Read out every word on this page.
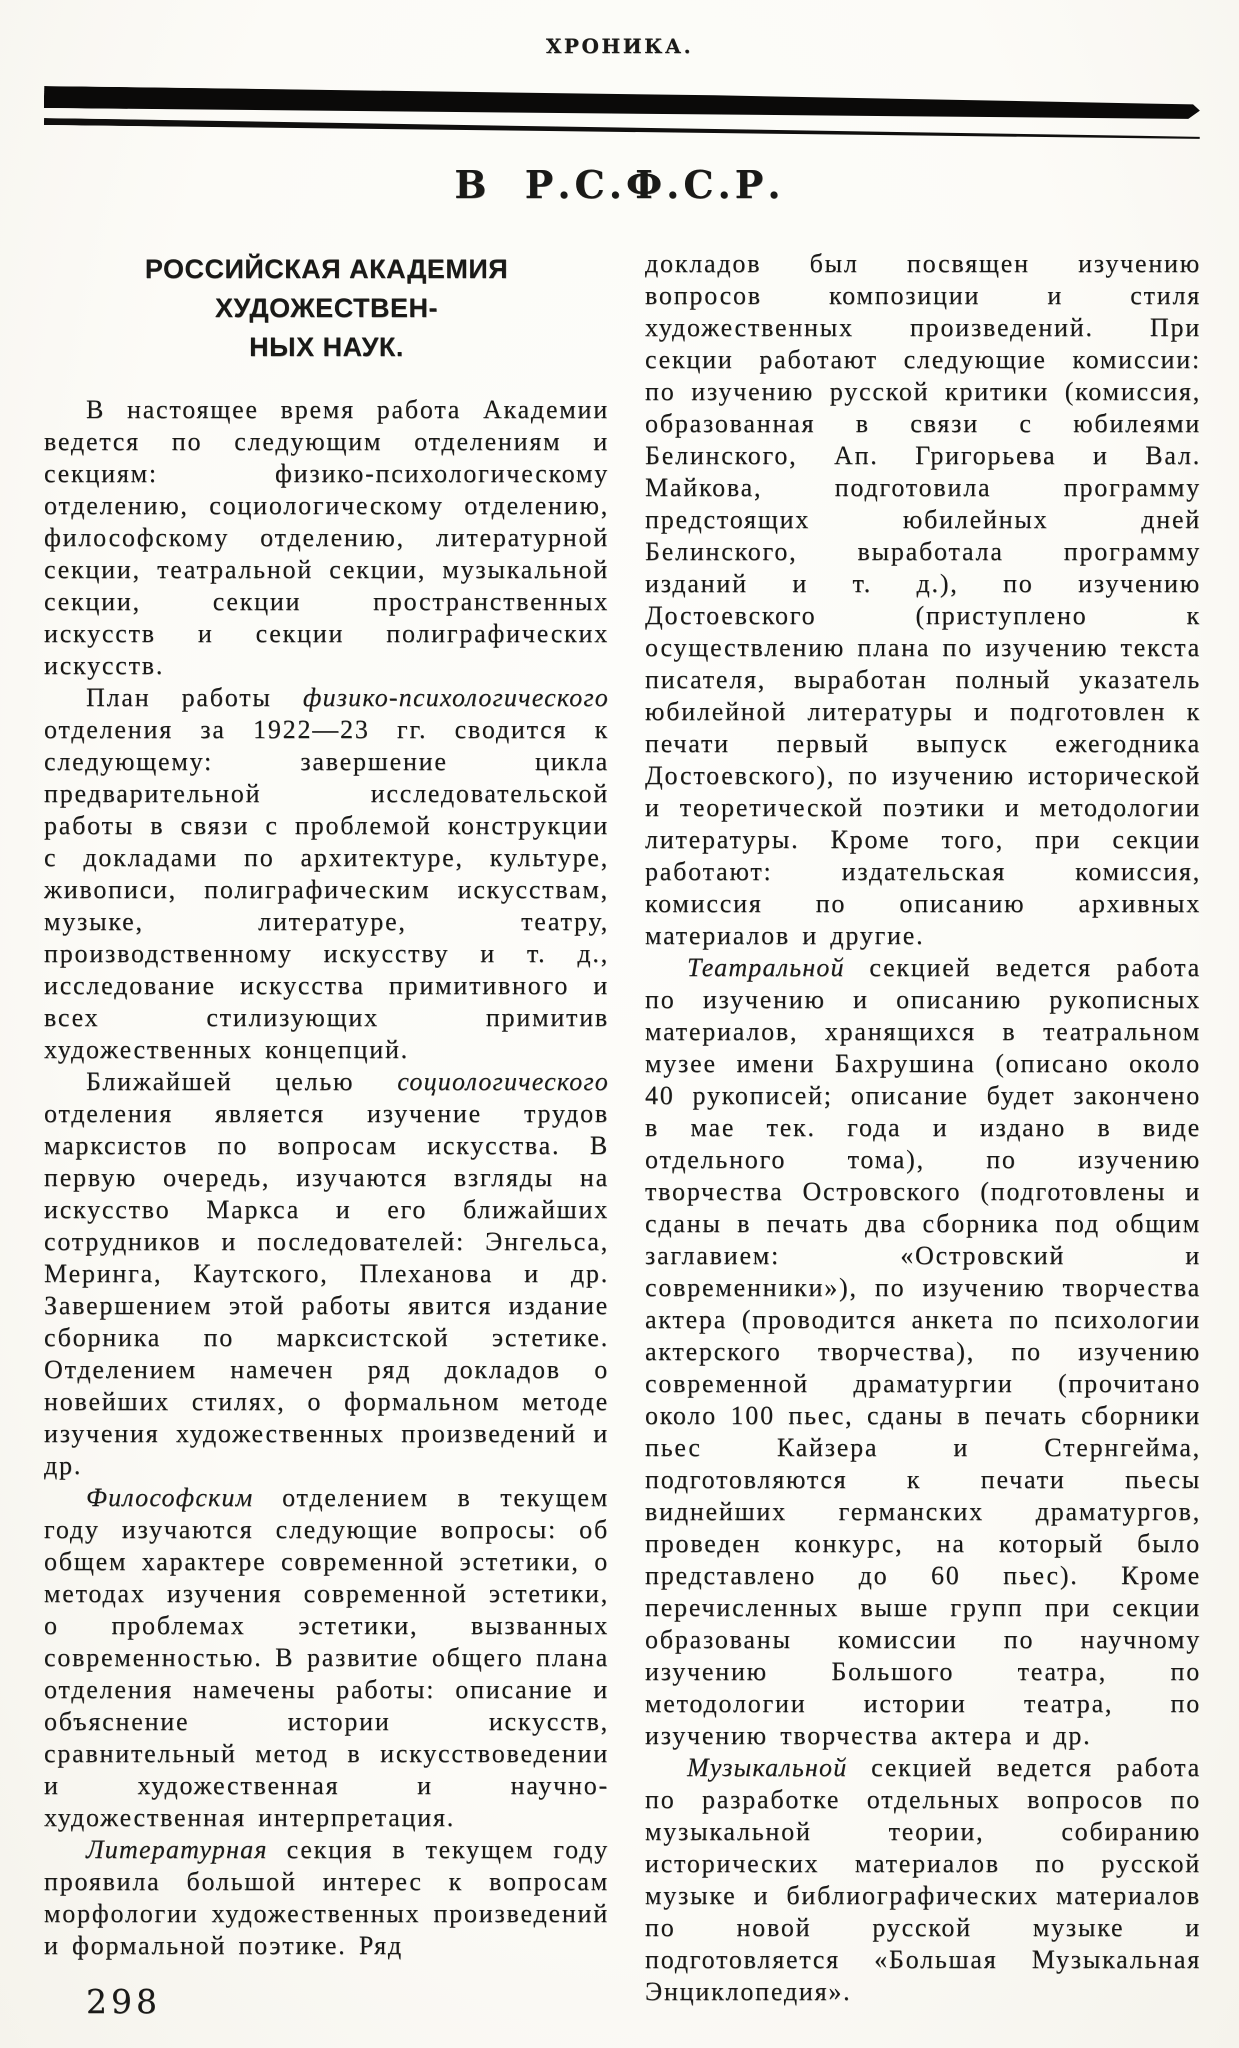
ХРОНИКА.
В Р.С.Ф.С.Р.
РОССИЙСКАЯ АКАДЕМИЯ ХУДОЖЕСТВЕН-
НЫХ НАУК.

В настоящее время работа Академии ведется по следующим отделениям и секциям: физико-психологическому отделению, социологическому отделению, философскому отделению, литературной секции, театральной секции, музыкальной секции, секции пространственных искусств и секции полиграфических искусств.

План работы физико-психологического отделения за 1922—23 гг. сводится к следующему: завершение цикла предварительной исследовательской работы в связи с проблемой конструкции с докладами по архитектуре, культуре, живописи, полиграфическим искусствам, музыке, литературе, театру, производственному искусству и т. д., исследование искусства примитивного и всех стилизующих примитив художественных концепций.

Ближайшей целью социологического отделения является изучение трудов марксистов по вопросам искусства. В первую очередь, изучаются взгляды на искусство Маркса и его ближайших сотрудников и последователей: Энгельса, Меринга, Каутского, Плеханова и др. Завершением этой работы явится издание сборника по марксистской эстетике. Отделением намечен ряд докладов о новейших стилях, о формальном методе изучения художественных произведений и др.

Философским отделением в текущем году изучаются следующие вопросы: об общем характере современной эстетики, о методах изучения современной эстетики, о проблемах эстетики, вызванных современностью. В развитие общего плана отделения намечены работы: описание и объяснение истории искусств, сравнительный метод в искусствоведении и художественная и научно-художественная интерпретация.

Литературная секция в текущем году проявила большой интерес к вопросам морфологии художественных произведений и формальной поэтике. Ряд

докладов был посвящен изучению вопросов композиции и стиля художественных произведений. При секции работают следующие комиссии: по изучению русской критики (комиссия, образованная в связи с юбилеями Белинского, Ап. Григорьева и Вал. Майкова, подготовила программу предстоящих юбилейных дней Белинского, выработала программу изданий и т. д.), по изучению Достоевского (приступлено к осуществлению плана по изучению текста писателя, выработан полный указатель юбилейной литературы и подготовлен к печати первый выпуск ежегодника Достоевского), по изучению исторической и теоретической поэтики и методологии литературы. Кроме того, при секции работают: издательская комиссия, комиссия по описанию архивных материалов и другие.

Театральной секцией ведется работа по изучению и описанию рукописных материалов, хранящихся в театральном музее имени Бахрушина (описано около 40 рукописей; описание будет закончено в мае тек. года и издано в виде отдельного тома), по изучению творчества Островского (подготовлены и сданы в печать два сборника под общим заглавием: «Островский и современники»), по изучению творчества актера (проводится анкета по психологии актерского творчества), по изучению современной драматургии (прочитано около 100 пьес, сданы в печать сборники пьес Кайзера и Стернгейма, подготовляются к печати пьесы виднейших германских драматургов, проведен конкурс, на который было представлено до 60 пьес). Кроме перечисленных выше групп при секции образованы комиссии по научному изучению Большого театра, по методологии истории театра, по изучению творчества актера и др.

Музыкальной секцией ведется работа по разработке отдельных вопросов по музыкальной теории, собиранию исторических материалов по русской музыке и библиографических материалов по новой русской музыке и подготовляется «Большая Музыкальная Энциклопедия».

298
